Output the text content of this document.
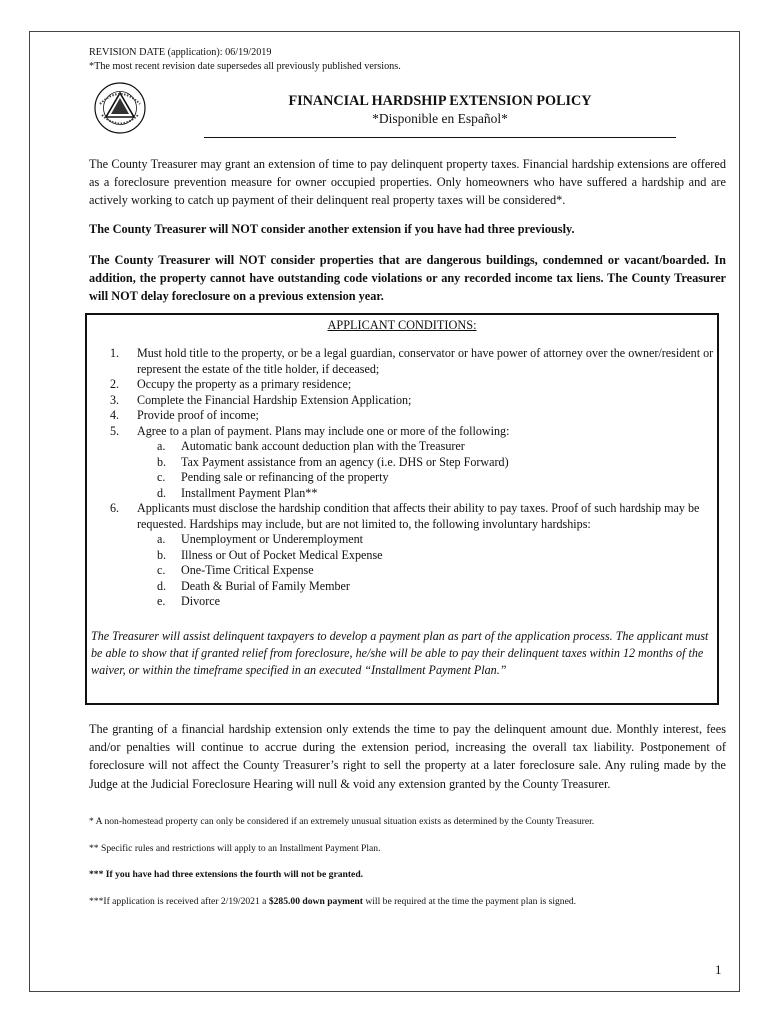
REVISION DATE (application): 06/19/2019
*The most recent revision date supersedes all previously published versions.
FINANCIAL HARDSHIP EXTENSION POLICY
*Disponible en Español*
The County Treasurer may grant an extension of time to pay delinquent property taxes. Financial hardship extensions are offered as a foreclosure prevention measure for owner occupied properties. Only homeowners who have suffered a hardship and are actively working to catch up payment of their delinquent real property taxes will be considered*.
The County Treasurer will NOT consider another extension if you have had three previously.
The County Treasurer will NOT consider properties that are dangerous buildings, condemned or vacant/boarded. In addition, the property cannot have outstanding code violations or any recorded income tax liens. The County Treasurer will NOT delay foreclosure on a previous extension year.
APPLICANT CONDITIONS:
1.	Must hold title to the property, or be a legal guardian, conservator or have power of attorney over the owner/resident or represent the estate of the title holder, if deceased;
2.	Occupy the property as a primary residence;
3.	Complete the Financial Hardship Extension Application;
4.	Provide proof of income;
5.	Agree to a plan of payment. Plans may include one or more of the following:
a. Automatic bank account deduction plan with the Treasurer
b. Tax Payment assistance from an agency (i.e. DHS or Step Forward)
c. Pending sale or refinancing of the property
d. Installment Payment Plan**
6.	Applicants must disclose the hardship condition that affects their ability to pay taxes. Proof of such hardship may be requested. Hardships may include, but are not limited to, the following involuntary hardships:
a. Unemployment or Underemployment
b. Illness or Out of Pocket Medical Expense
c. One-Time Critical Expense
d. Death & Burial of Family Member
e. Divorce
The Treasurer will assist delinquent taxpayers to develop a payment plan as part of the application process. The applicant must be able to show that if granted relief from foreclosure, he/she will be able to pay their delinquent taxes within 12 months of the waiver, or within the timeframe specified in an executed “Installment Payment Plan.”
The granting of a financial hardship extension only extends the time to pay the delinquent amount due. Monthly interest, fees and/or penalties will continue to accrue during the extension period, increasing the overall tax liability. Postponement of foreclosure will not affect the County Treasurer’s right to sell the property at a later foreclosure sale. Any ruling made by the Judge at the Judicial Foreclosure Hearing will null & void any extension granted by the County Treasurer.
* A non-homestead property can only be considered if an extremely unusual situation exists as determined by the County Treasurer.
** Specific rules and restrictions will apply to an Installment Payment Plan.
*** If you have had three extensions the fourth will not be granted.
***If application is received after 2/19/2021 a $285.00 down payment will be required at the time the payment plan is signed.
1
